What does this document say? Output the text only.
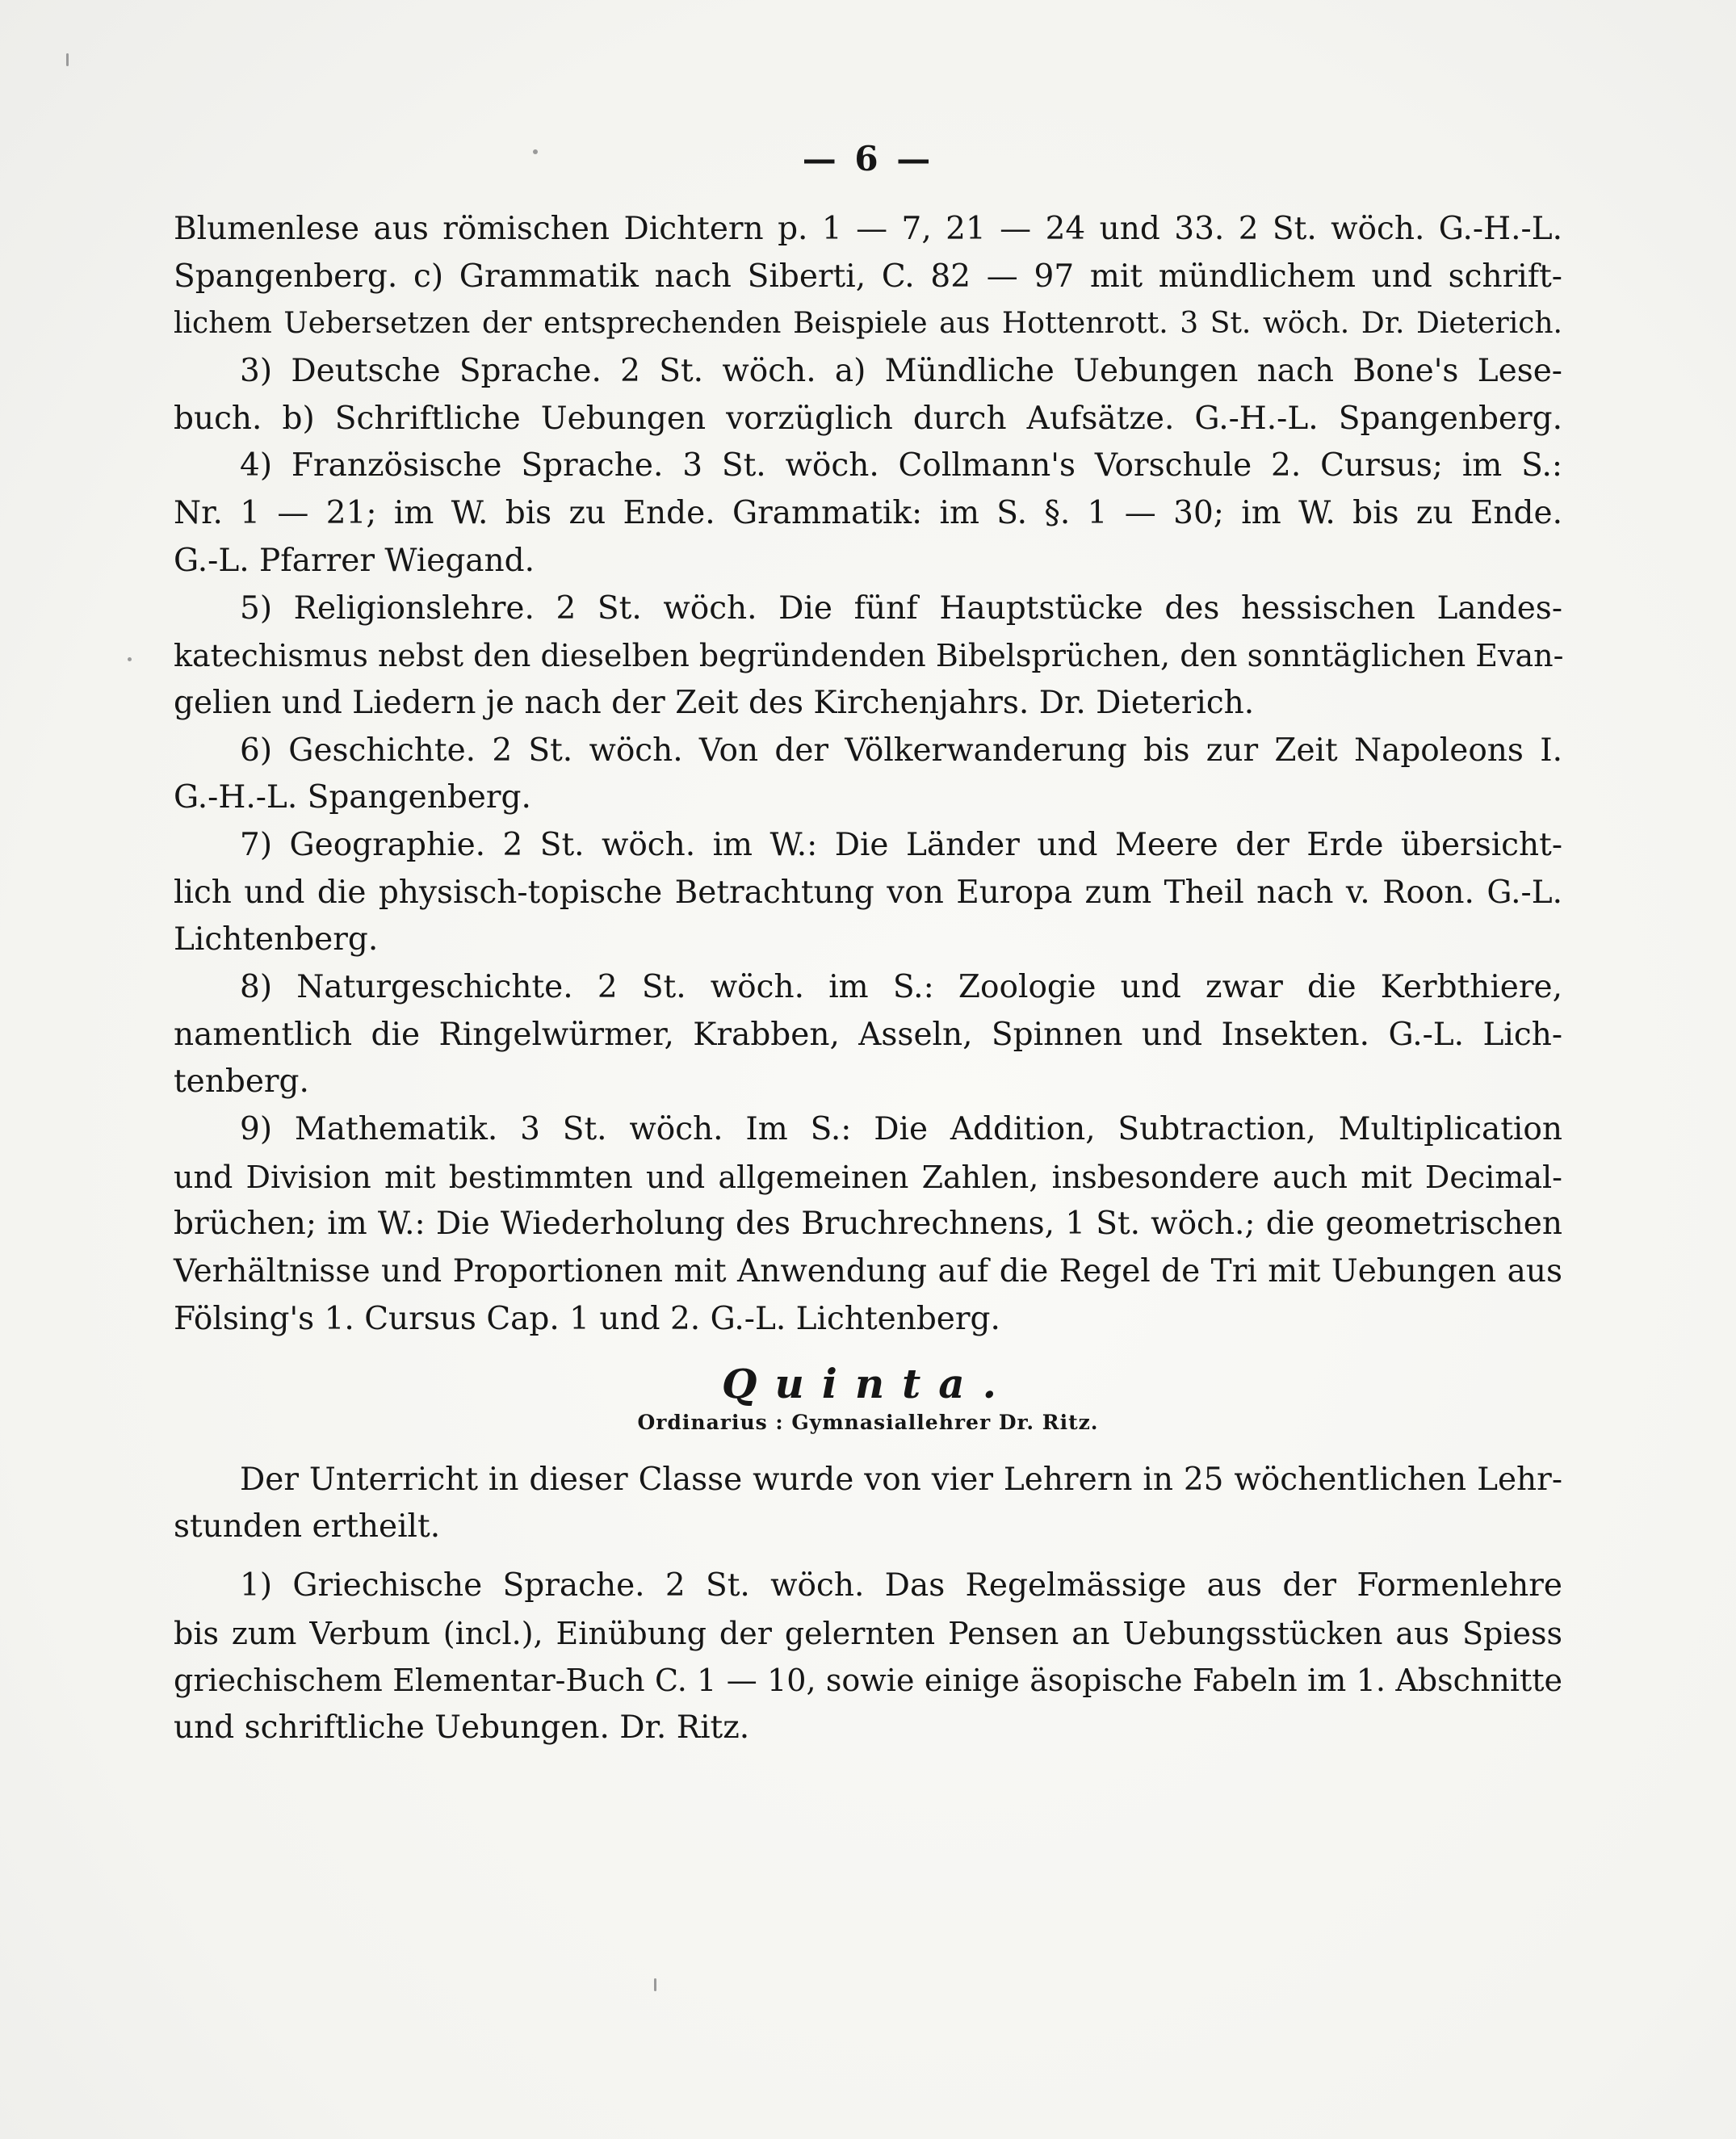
— 6 —
Blumenlese aus römischen Dichtern p. 1 — 7, 21 — 24 und 33. 2 St. wöch. G.-H.-L.
Spangenberg. c) Grammatik nach Siberti, C. 82 — 97 mit mündlichem und schrift-
lichem Uebersetzen der entsprechenden Beispiele aus Hottenrott. 3 St. wöch. Dr. Dieterich.
3) Deutsche Sprache. 2 St. wöch. a) Mündliche Uebungen nach Bone's Lese-
buch. b) Schriftliche Uebungen vorzüglich durch Aufsätze. G.-H.-L. Spangenberg.
4) Französische Sprache. 3 St. wöch. Collmann's Vorschule 2. Cursus; im S.:
Nr. 1 — 21; im W. bis zu Ende. Grammatik: im S. §. 1 — 30; im W. bis zu Ende.
G.-L. Pfarrer Wiegand.
5) Religionslehre. 2 St. wöch. Die fünf Hauptstücke des hessischen Landes-
katechismus nebst den dieselben begründenden Bibelsprüchen, den sonntäglichen Evan-
gelien und Liedern je nach der Zeit des Kirchenjahrs. Dr. Dieterich.
6) Geschichte. 2 St. wöch. Von der Völkerwanderung bis zur Zeit Napoleons I.
G.-H.-L. Spangenberg.
7) Geographie. 2 St. wöch. im W.: Die Länder und Meere der Erde übersicht-
lich und die physisch-topische Betrachtung von Europa zum Theil nach v. Roon. G.-L.
Lichtenberg.
8) Naturgeschichte. 2 St. wöch. im S.: Zoologie und zwar die Kerbthiere,
namentlich die Ringelwürmer, Krabben, Asseln, Spinnen und Insekten. G.-L. Lich-
tenberg.
9) Mathematik. 3 St. wöch. Im S.: Die Addition, Subtraction, Multiplication
und Division mit bestimmten und allgemeinen Zahlen, insbesondere auch mit Decimal-
brüchen; im W.: Die Wiederholung des Bruchrechnens, 1 St. wöch.; die geometrischen
Verhältnisse und Proportionen mit Anwendung auf die Regel de Tri mit Uebungen aus
Fölsing's 1. Cursus Cap. 1 und 2. G.-L. Lichtenberg.
Quinta.
Ordinarius : Gymnasiallehrer Dr. Ritz.
Der Unterricht in dieser Classe wurde von vier Lehrern in 25 wöchentlichen Lehr-
stunden ertheilt.
1) Griechische Sprache. 2 St. wöch. Das Regelmässige aus der Formenlehre
bis zum Verbum (incl.), Einübung der gelernten Pensen an Uebungsstücken aus Spiess
griechischem Elementar-Buch C. 1 — 10, sowie einige äsopische Fabeln im 1. Abschnitte
und schriftliche Uebungen. Dr. Ritz.
